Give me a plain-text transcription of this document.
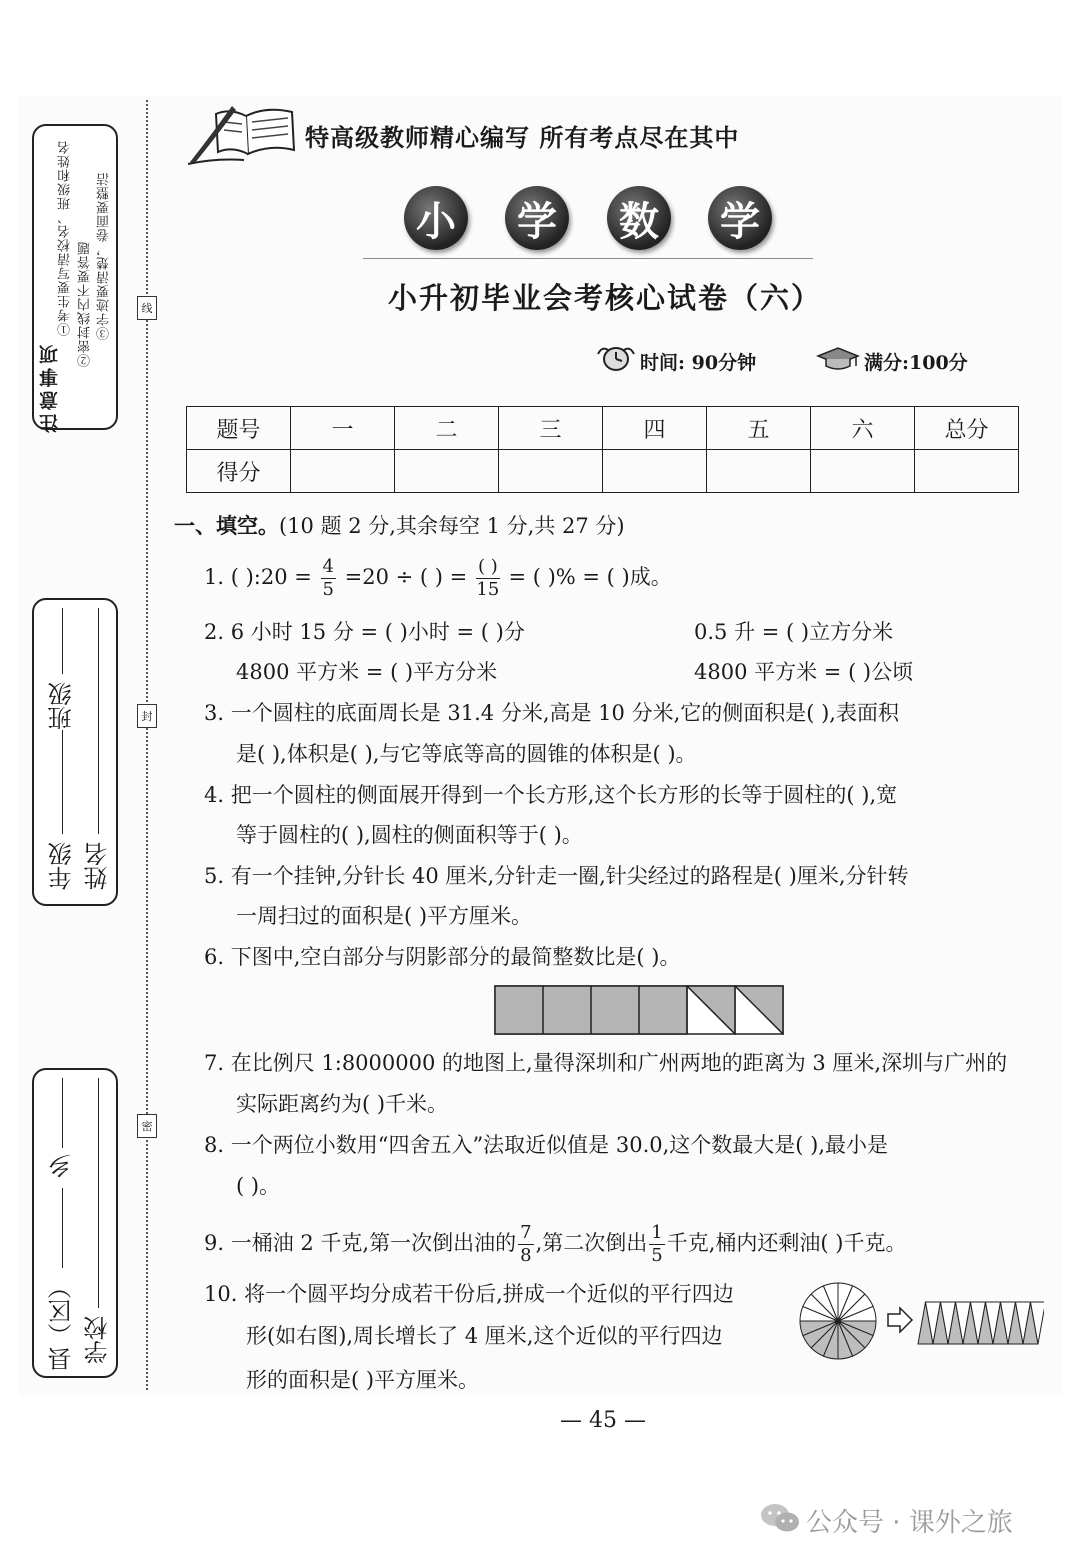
注意事项
①考生要写清校名、班级和姓名 ②密封线内不要答题 ③字迹要清楚，卷面要整洁
年级
班级
姓名
县（区）
乡
学校
线
封
密
特高级教师精心编写 所有考点尽在其中
小	学	数	学
小升初毕业会考核心试卷（六）
时间: 90分钟	满分:100分
题号	一	二	三	四	五	六	总分
得分							
一、填空。(10 题 2 分,其余每空 1 分,共 27 分)
1. ( ):20 = $\frac{4}{5} =20$ ÷ ( ) = $\frac{( )}{15}$ = ( )% = ( )成。
2. 6 小时 15 分 = ( )小时 = ( )分	0.5 升 = ( )立方分米
4800 平方米 = ( )平方分米	4800 平方米 = ( )公顷
3. 一个圆柱的底面周长是 31.4 分米,高是 10 分米,它的侧面积是( ),表面积
是( ),体积是( ),与它等底等高的圆锥的体积是( )。
4. 把一个圆柱的侧面展开得到一个长方形,这个长方形的长等于圆柱的( ),宽
等于圆柱的( ),圆柱的侧面积等于( )。
5. 有一个挂钟,分针长 40 厘米,分针走一圈,针尖经过的路程是( )厘米,分针转
一周扫过的面积是( )平方厘米。
6. 下图中,空白部分与阴影部分的最简整数比是( )。
7. 在比例尺 1:8000000 的地图上,量得深圳和广州两地的距离为 3 厘米,深圳与广州的
实际距离约为( )千米。
8. 一个两位小数用“四舍五入”法取近似值是 30.0,这个数最大是( ),最小是
( )。
9. 一桶油 2 千克,第一次倒出油的 $\frac{7}{8}$ ,第二次倒出 $\frac{1}{5}$ 千克,桶内还剩油( )千克。
10. 将一个圆平均分成若干份后,拼成一个近似的平行四边
形(如右图),周长增长了 4 厘米,这个近似的平行四边
形的面积是( )平方厘米。
— 45 —
公众号 · 课外之旅
